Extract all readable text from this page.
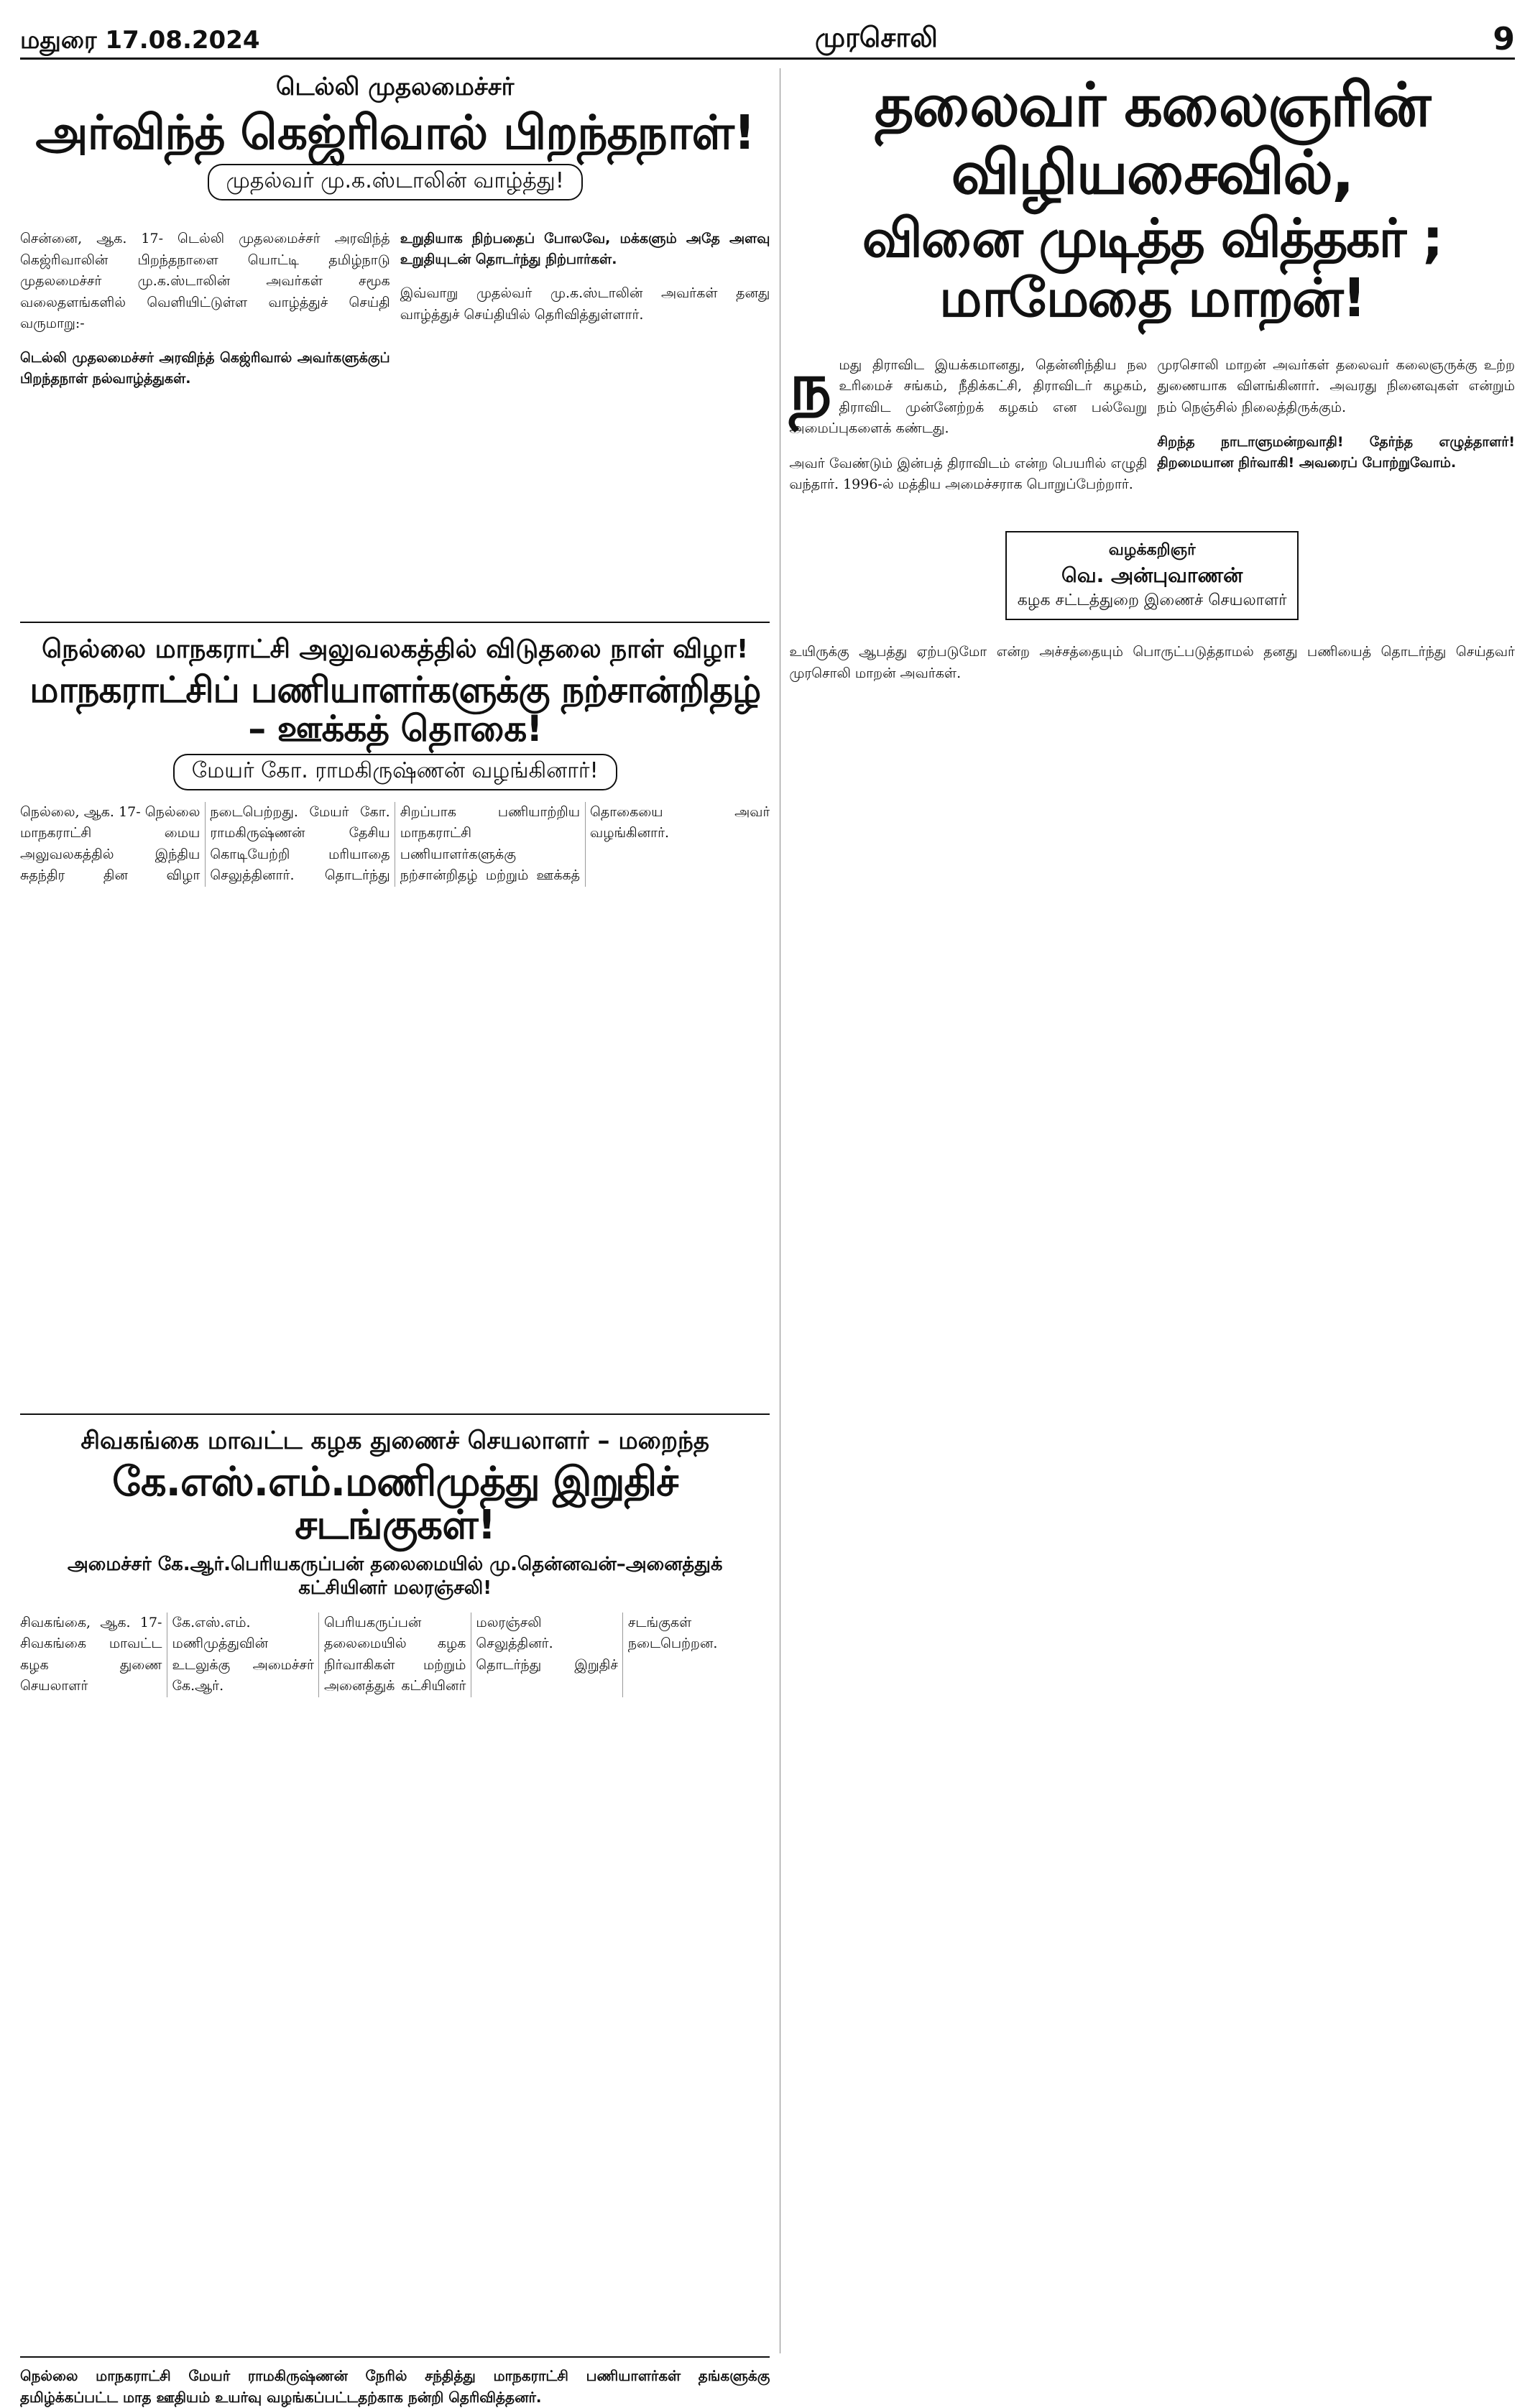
மதுரை 17.08.2024	முரசொலி	9
டெல்லி முதலமைச்சர்
அர்விந்த் கெஜ்ரிவால் பிறந்தநாள்!
முதல்வர் மு.க.ஸ்டாலின் வாழ்த்து!

சென்னை, ஆக. 17- டெல்லி முதலமைச்சர் அரவிந்த் கெஜ்ரிவாலின் பிறந்தநாளை யொட்டி தமிழ்நாடு முதலமைச்சர் மு.க.ஸ்டாலின் அவர்கள் சமூக வலைதளங்களில் வெளியிட்டுள்ள வாழ்த்துச் செய்தி வருமாறு:-

டெல்லி முதலமைச்சர் அரவிந்த் கெஜ்ரிவால் அவர்களுக்குப் பிறந்தநாள் நல்வாழ்த்துகள்.

உறுதியாக நிற்பதைப் போலவே, மக்களும் அதே அளவு உறுதியுடன் தொடர்ந்து நிற்பார்கள்.

இவ்வாறு முதல்வர் மு.க.ஸ்டாலின் அவர்கள் தனது வாழ்த்துச் செய்தியில் தெரிவித்துள்ளார்.

நெல்லை மாநகராட்சி அலுவலகத்தில் விடுதலை நாள் விழா!
மாநகராட்சிப் பணியாளர்களுக்கு நற்சான்றிதழ் – ஊக்கத் தொகை!
மேயர் கோ. ராமகிருஷ்ணன் வழங்கினார்!
நெல்லை, ஆக. 17- நெல்லை மாநகராட்சி மைய அலுவலகத்தில் இந்திய சுதந்திர தின விழா நடைபெற்றது. மேயர் கோ. ராமகிருஷ்ணன் தேசிய கொடியேற்றி மரியாதை செலுத்தினார். தொடர்ந்து சிறப்பாக பணியாற்றிய மாநகராட்சி பணியாளர்களுக்கு நற்சான்றிதழ் மற்றும் ஊக்கத் தொகையை அவர் வழங்கினார்.
சிவகங்கை மாவட்ட கழக துணைச் செயலாளர் – மறைந்த
கே.எஸ்.எம்.மணிமுத்து இறுதிச் சடங்குகள்!
அமைச்சர் கே.ஆர்.பெரியகருப்பன் தலைமையில் மு.தென்னவன்–அனைத்துக் கட்சியினர் மலரஞ்சலி!
சிவகங்கை, ஆக. 17- சிவகங்கை மாவட்ட கழக துணை செயலாளர் கே.எஸ்.எம். மணிமுத்துவின் உடலுக்கு அமைச்சர் கே.ஆர். பெரியகருப்பன் தலைமையில் கழக நிர்வாகிகள் மற்றும் அனைத்துக் கட்சியினர் மலரஞ்சலி செலுத்தினர். தொடர்ந்து இறுதிச் சடங்குகள் நடைபெற்றன.
நெல்லை மாநகராட்சி மேயர் ராமகிருஷ்ணன் நேரில் சந்தித்து மாநகராட்சி பணியாளர்கள் தங்களுக்கு தமிழ்க்கப்பட்ட மாத ஊதியம் உயர்வு வழங்கப்பட்டதற்காக நன்றி தெரிவித்தனர்.
தலைவர் கலைஞரின் விழியசைவில்,
வினை முடித்த வித்தகர் ; மாமேதை மாறன்!

நமது திராவிட இயக்கமானது, தென்னிந்திய நல உரிமைச் சங்கம், நீதிக்கட்சி, திராவிடர் கழகம், திராவிட முன்னேற்றக் கழகம் என பல்வேறு அமைப்புகளைக் கண்டது.

அவர் வேண்டும் இன்பத் திராவிடம் என்ற பெயரில் எழுதி வந்தார். 1996-ல் மத்திய அமைச்சராக பொறுப்பேற்றார்.

முரசொலி மாறன் அவர்கள் தலைவர் கலைஞருக்கு உற்ற துணையாக விளங்கினார். அவரது நினைவுகள் என்றும் நம் நெஞ்சில் நிலைத்திருக்கும்.

சிறந்த நாடாளுமன்றவாதி! தேர்ந்த எழுத்தாளர்! திறமையான நிர்வாகி! அவரைப் போற்றுவோம்.

வழக்கறிஞர்
வெ. அன்புவாணன்
கழக சட்டத்துறை இணைச் செயலாளர்

உயிருக்கு ஆபத்து ஏற்படுமோ என்ற அச்சத்தையும் பொருட்படுத்தாமல் தனது பணியைத் தொடர்ந்து செய்தவர் முரசொலி மாறன் அவர்கள்.
